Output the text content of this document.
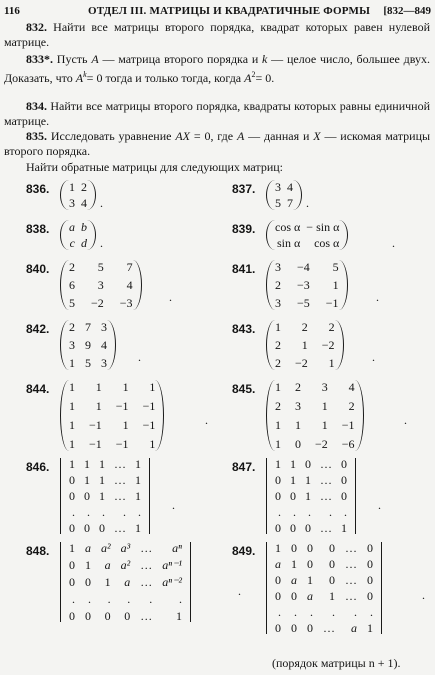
116	ОТДЕЛ III. МАТРИЦЫ И КВАДРАТИЧНЫЕ ФОРМЫ [832—849

832. Найти все матрицы второго порядка, квадрат которых равен нулевой матрице.

833*. Пусть A — матрица второго порядка и k — целое число, большее двух. Доказать, что $A^k= 0$ тогда и только тогда, когда $A^2= 0$.

834. Найти все матрицы второго порядка, квадраты которых равны единичной матрице.

835. Исследовать уравнение AX = 0, где A — данная и X — искомая матрицы второго порядка.

Найти обратные матрицы для следующих матриц:

836. 1 2
3 4 .
837. 3 4
5 7 .
838. a b
c d .
839. cos α − sin α
sin α	cos α	.
840. 2	5	7
6	3	4
5 −2 −3	.
841. 3 −4	5
2 −3	1
3 −5 −1	.
842. 2 7 3
3 9 4
1 5 3	.
843. 1	2	2
2	1 −2
2 −2	1	.
844. 1	1	1	1
1	1 −1 −1
1 −1	1 −1
1 −1 −1	1
.
845. 1 2	3	4
2 3	1	2
1 1	1 −1
1 0 −2 −6
.
846. 1 1 1 … 1
0 1 1 … 1
0 0 1 … 1
.	.	.	.	.
0 0 0 … 1
.
847. 1 1 0 … 0
0 1 1 … 0
0 0 1 … 0
.	.	.	.	.
0 0 0 … 1
.
848. 1 a a² a³ …	aⁿ
0 1	a a² … aⁿ⁻¹
0 0	1	a … aⁿ⁻²
.	.	.	.	.	.
0 0	0	0 …	1
.
849. 1 0 0	0 … 0
a 1 0	0 … 0
0 a 1	0 … 0
0 0 a	1 … 0
.	.	.	.	.	.
0 0 0 …	a 1
.
(порядок матрицы n + 1).
